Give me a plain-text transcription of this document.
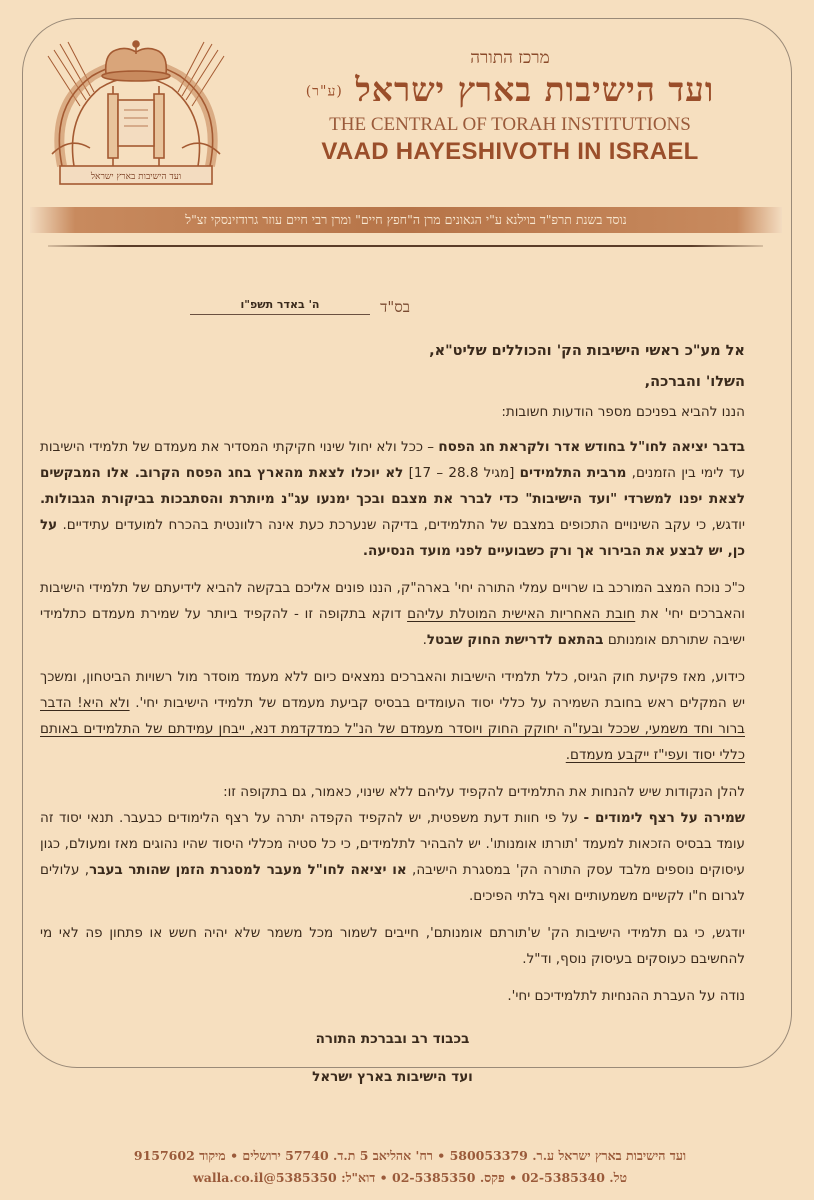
ועד הישיבות בארץ ישראל
מרכז התורה
ועד הישיבות בארץ ישראל (ע"ר)
THE CENTRAL OF TORAH INSTITUTIONS
VAAD HAYESHIVOTH IN ISRAEL
נוסד בשנת תרפ"ד בוילנא ע"י הגאונים מרן ה"חפץ חיים" ומרן רבי חיים עוזר גרודזינסקי זצ"ל
בס"ד
ה' באדר תשפ"ו
אל מע"כ ראשי הישיבות הק' והכוללים שליט"א,
השלו' והברכה,
הננו להביא בפניכם מספר הודעות חשובות:
בדבר יציאה לחו"ל בחודש אדר ולקראת חג הפסח – ככל ולא יחול שינוי חקיקתי המסדיר את מעמדם של תלמידי הישיבות עד לימי בין הזמנים, מרבית התלמידים [מגיל 28.8 – 17] לא יוכלו לצאת מהארץ בחג הפסח הקרוב. אלו המבקשים לצאת יפנו למשרדי "ועד הישיבות" כדי לברר את מצבם ובכך ימנעו עג"נ מיותרת והסתבכות בביקורת הגבולות. יודגש, כי עקב השינויים התכופים במצבם של התלמידים, בדיקה שנערכת כעת אינה רלוונטית בהכרח למועדים עתידיים. על כן, יש לבצע את הבירור אך ורק כשבועיים לפני מועד הנסיעה.
כ"כ נוכח המצב המורכב בו שרויים עמלי התורה יחי' בארה"ק, הננו פונים אליכם בבקשה להביא לידיעתם של תלמידי הישיבות והאברכים יחי' את חובת האחריות האישית המוטלת עליהם דוקא בתקופה זו - להקפיד ביותר על שמירת מעמדם כתלמידי ישיבה שתורתם אומנותם בהתאם לדרישת החוק שבטל.
כידוע, מאז פקיעת חוק הגיוס, כלל תלמידי הישיבות והאברכים נמצאים כיום ללא מעמד מוסדר מול רשויות הביטחון, ומשכך יש המקלים ראש בחובת השמירה על כללי יסוד העומדים בבסיס קביעת מעמדם של תלמידי הישיבות יחי'. ולא היא! הדבר ברור וחד משמעי, שככל ובעז"ה יחוקק החוק ויוסדר מעמדם של הנ"ל כמדקדמת דנא, ייבחן עמידתם של התלמידים באותם כללי יסוד ועפי"ז ייקבע מעמדם.
להלן הנקודות שיש להנחות את התלמידים להקפיד עליהם ללא שינוי, כאמור, גם בתקופה זו:
שמירה על רצף לימודים - על פי חוות דעת משפטית, יש להקפיד הקפדה יתרה על רצף הלימודים כבעבר. תנאי יסוד זה עומד בבסיס הזכאות למעמד 'תורתו אומנותו'. יש להבהיר לתלמידים, כי כל סטיה מכללי היסוד שהיו נהוגים מאז ומעולם, כגון עיסוקים נוספים מלבד עסק התורה הק' במסגרת הישיבה, או יציאה לחו"ל מעבר למסגרת הזמן שהותר בעבר, עלולים לגרום ח"ו לקשיים משמעותיים ואף בלתי הפיכים.
יודגש, כי גם תלמידי הישיבות הק' ש'תורתם אומנותם', חייבים לשמור מכל משמר שלא יהיה חשש או פתחון פה לאי מי להחשיבם כעוסקים בעיסוק נוסף, וד"ל.
נודה על העברת ההנחיות לתלמידיכם יחי'.
בכבוד רב ובברכת התורה
ועד הישיבות בארץ ישראל
ועד הישיבות בארץ ישראל ע.ר. 580053379 • רח' אהליאב 5 ת.ד. 57740 ירושלים • מיקוד 9157602
טל. 02-5385340 • פקס. 02-5385350 • דוא"ל: 5385350@walla.co.il
